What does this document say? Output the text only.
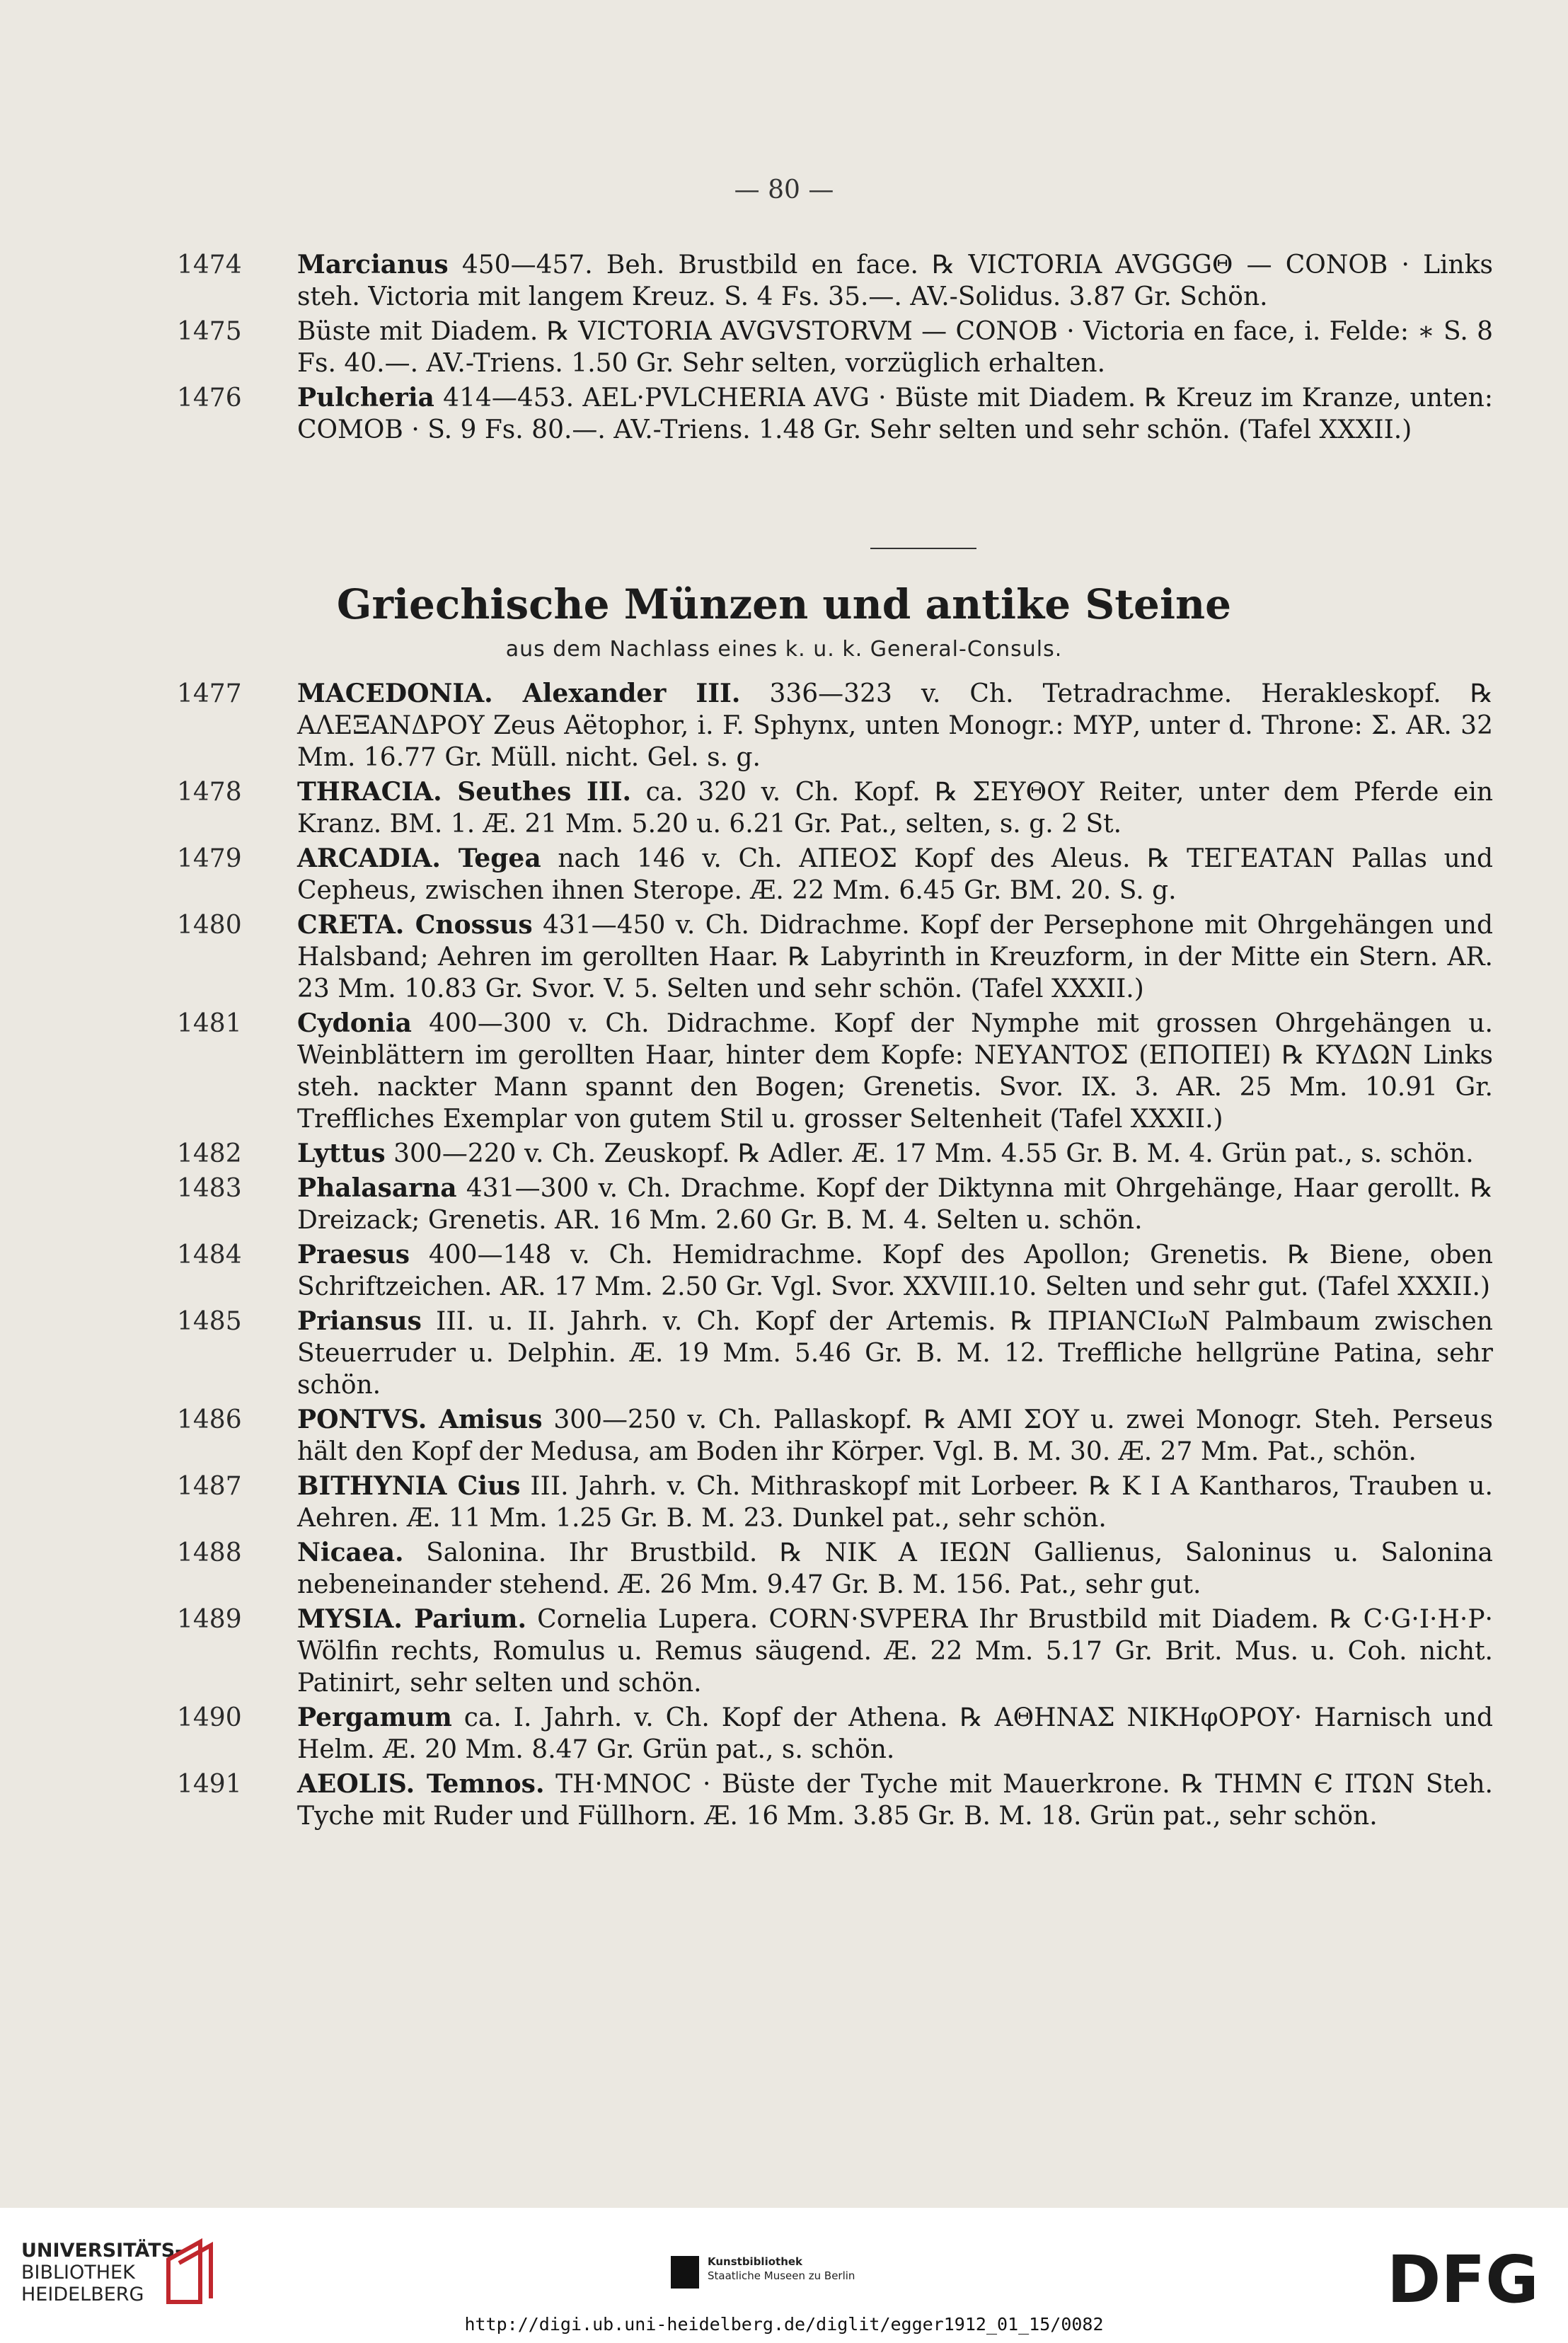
— 80 —
1474	Marcianus 450—457. Beh. Brustbild en face. ℞ VICTORIA AVGGGΘ — CONOB · Links steh. Victoria mit langem Kreuz. S. 4 Fs. 35.—. AV.-Solidus. 3.87 Gr. Schön.
1475	Büste mit Diadem. ℞ VICTORIA AVGVSTORVM — CONOB · Victoria en face, i. Felde: ∗ S. 8 Fs. 40.—. AV.-Triens. 1.50 Gr. Sehr selten, vorzüglich erhalten.
1476	Pulcheria 414—453. AEL·PVLCHERIA AVG · Büste mit Diadem. ℞ Kreuz im Kranze, unten: COMOB · S. 9 Fs. 80.—. AV.-Triens. 1.48 Gr. Sehr selten und sehr schön. (Tafel XXXII.)
Griechische Münzen und antike Steine
aus dem Nachlass eines k. u. k. General-Consuls.
1477	MACEDONIA. Alexander III. 336—323 v. Ch. Tetradrachme. Herakleskopf. ℞ ΑΛΕΞΑΝΔΡΟΥ Zeus Aëtophor, i. F. Sphynx, unten Monogr.: ΜΥΡ, unter d. Throne: Σ. AR. 32 Mm. 16.77 Gr. Müll. nicht. Gel. s. g.
1478	THRACIA. Seuthes III. ca. 320 v. Ch. Kopf. ℞ ΣΕΥΘΟΥ Reiter, unter dem Pferde ein Kranz. BM. 1. Æ. 21 Mm. 5.20 u. 6.21 Gr. Pat., selten, s. g. 2 St.
1479	ARCADIA. Tegea nach 146 v. Ch. ΑΠΕΟΣ Kopf des Aleus. ℞ ΤΕΓΕΑΤΑΝ Pallas und Cepheus, zwischen ihnen Sterope. Æ. 22 Mm. 6.45 Gr. BM. 20. S. g.
1480	CRETA. Cnossus 431—450 v. Ch. Didrachme. Kopf der Persephone mit Ohrgehängen und Halsband; Aehren im gerollten Haar. ℞ Labyrinth in Kreuzform, in der Mitte ein Stern. AR. 23 Mm. 10.83 Gr. Svor. V. 5. Selten und sehr schön. (Tafel XXXII.)
1481	Cydonia 400—300 v. Ch. Didrachme. Kopf der Nymphe mit grossen Ohrgehängen u. Weinblättern im gerollten Haar, hinter dem Kopfe: ΝΕΥΑΝΤΟΣ (ΕΠΟΠΕΙ) ℞ ΚΥΔΩΝ Links steh. nackter Mann spannt den Bogen; Grenetis. Svor. IX. 3. AR. 25 Mm. 10.91 Gr. Treffliches Exemplar von gutem Stil u. grosser Seltenheit (Tafel XXXII.)
1482	Lyttus 300—220 v. Ch. Zeuskopf. ℞ Adler. Æ. 17 Mm. 4.55 Gr. B. M. 4. Grün pat., s. schön.
1483	Phalasarna 431—300 v. Ch. Drachme. Kopf der Diktynna mit Ohrgehänge, Haar gerollt. ℞ Dreizack; Grenetis. AR. 16 Mm. 2.60 Gr. B. M. 4. Selten u. schön.
1484	Praesus 400—148 v. Ch. Hemidrachme. Kopf des Apollon; Grenetis. ℞ Biene, oben Schriftzeichen. AR. 17 Mm. 2.50 Gr. Vgl. Svor. XXVIII.10. Selten und sehr gut. (Tafel XXXII.)
1485	Priansus III. u. II. Jahrh. v. Ch. Kopf der Artemis. ℞ ΠΡΙΑΝCΙωΝ Palmbaum zwischen Steuerruder u. Delphin. Æ. 19 Mm. 5.46 Gr. B. M. 12. Treffliche hellgrüne Patina, sehr schön.
1486	PONTVS. Amisus 300—250 v. Ch. Pallaskopf. ℞ ΑΜΙ ΣΟΥ u. zwei Monogr. Steh. Perseus hält den Kopf der Medusa, am Boden ihr Körper. Vgl. B. M. 30. Æ. 27 Mm. Pat., schön.
1487	BITHYNIA Cius III. Jahrh. v. Ch. Mithraskopf mit Lorbeer. ℞ Κ Ι Α Kantharos, Trauben u. Aehren. Æ. 11 Mm. 1.25 Gr. B. M. 23. Dunkel pat., sehr schön.
1488	Nicaea. Salonina. Ihr Brustbild. ℞ ΝΙΚ Α ΙΕΩΝ Gallienus, Saloninus u. Salonina nebeneinander stehend. Æ. 26 Mm. 9.47 Gr. B. M. 156. Pat., sehr gut.
1489	MYSIA. Parium. Cornelia Lupera. CORN·SVPERA Ihr Brustbild mit Diadem. ℞ C·G·I·H·P· Wölfin rechts, Romulus u. Remus säugend. Æ. 22 Mm. 5.17 Gr. Brit. Mus. u. Coh. nicht. Patinirt, sehr selten und schön.
1490	Pergamum ca. I. Jahrh. v. Ch. Kopf der Athena. ℞ ΑΘΗΝΑΣ ΝΙΚΗφΟΡΟΥ· Harnisch und Helm. Æ. 20 Mm. 8.47 Gr. Grün pat., s. schön.
1491	AEOLIS. Temnos. ΤΗ·ΜΝΟC · Büste der Tyche mit Mauerkrone. ℞ ΤΗΜΝ Є ΙΤΩΝ Steh. Tyche mit Ruder und Füllhorn. Æ. 16 Mm. 3.85 Gr. B. M. 18. Grün pat., sehr schön.
UNIVERSITÄTS-
BIBLIOTHEK
HEIDELBERG
Kunstbibliothek
Staatliche Museen zu Berlin	DFG
http://digi.ub.uni-heidelberg.de/diglit/egger1912_01_15/0082
